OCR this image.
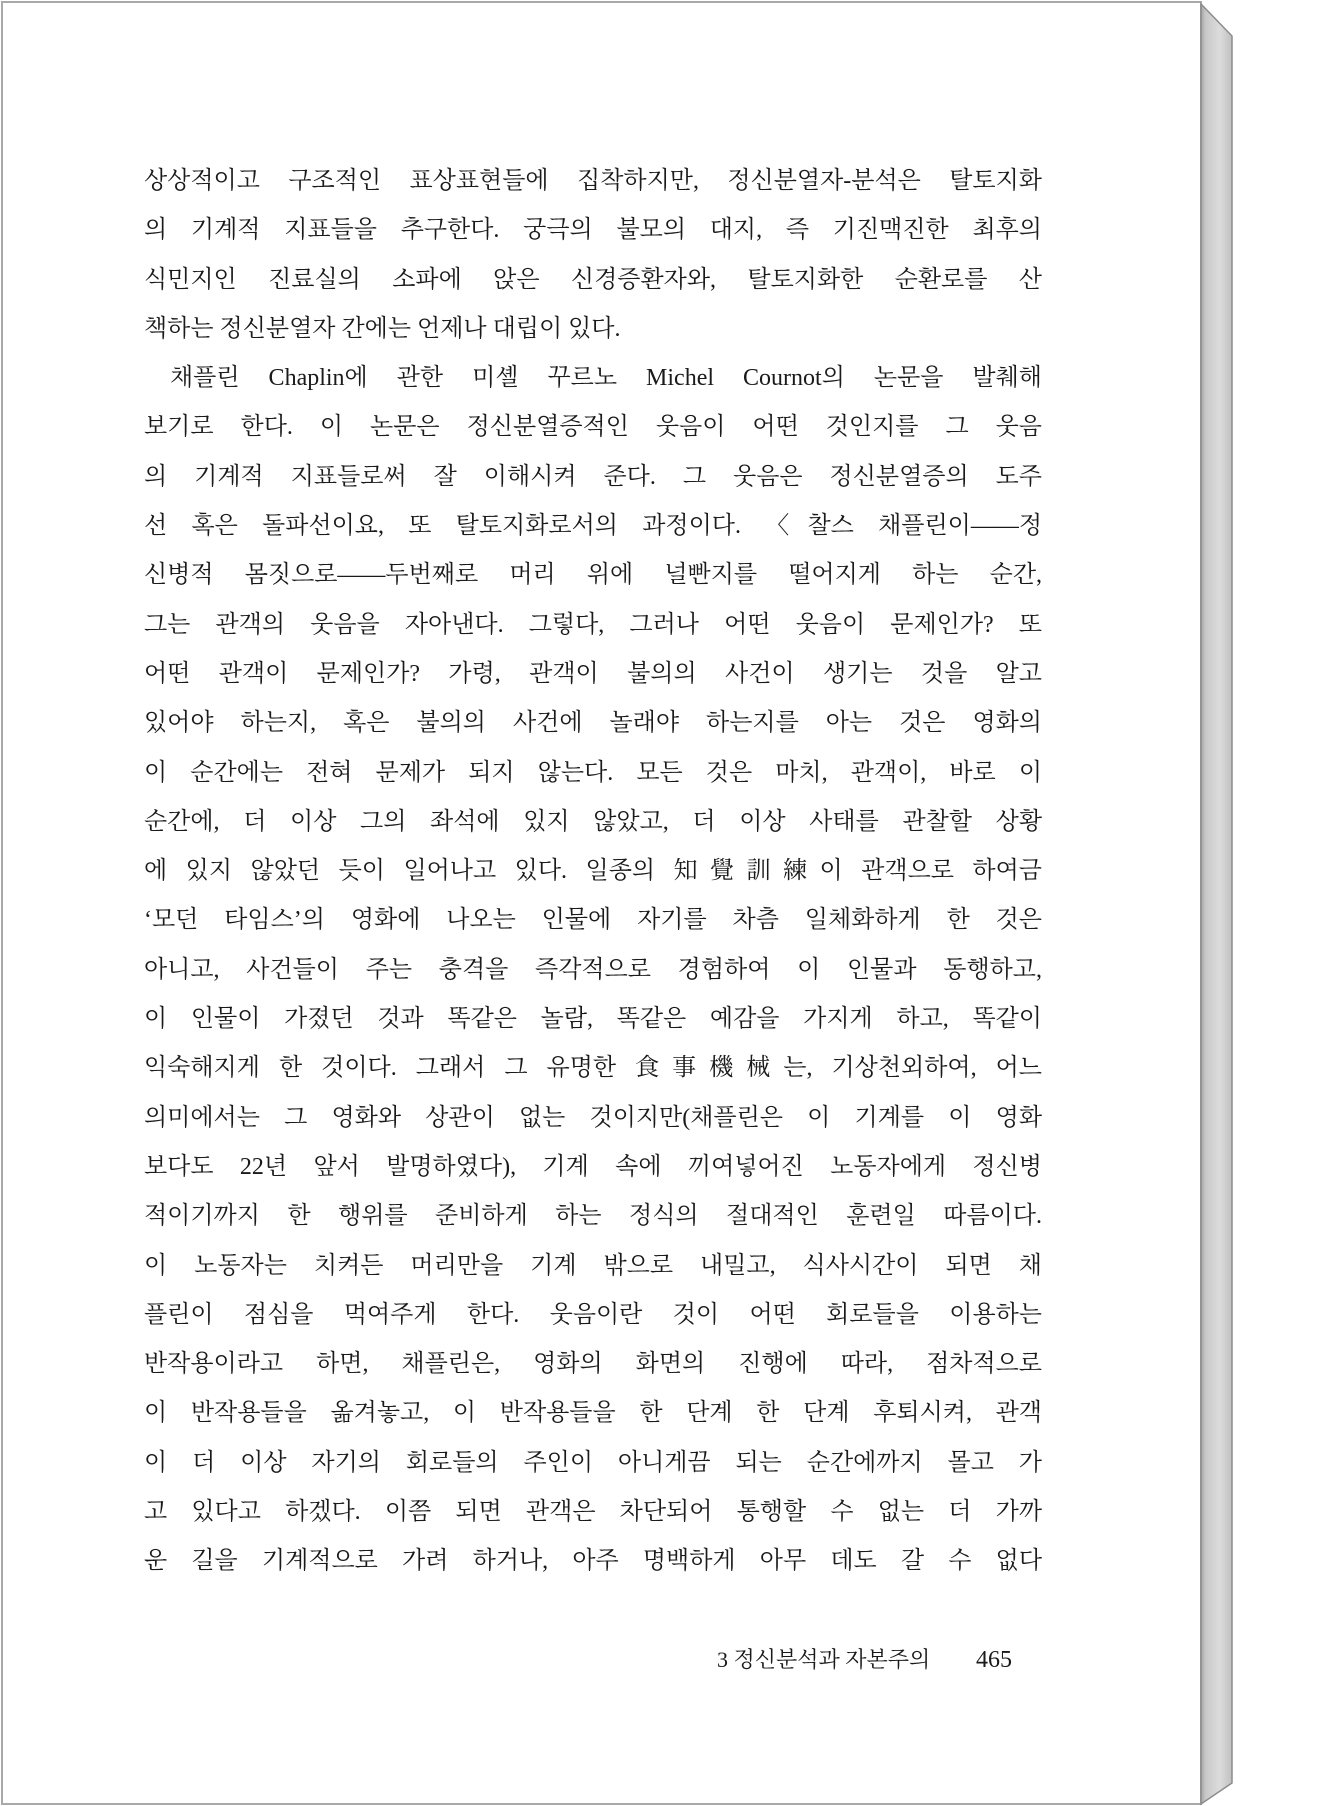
상상적이고 구조적인 표상표현들에 집착하지만, 정신분열자-분석은 탈토지화
의 기계적 지표들을 추구한다. 궁극의 불모의 대지, 즉 기진맥진한 최후의
식민지인 진료실의 소파에 앉은 신경증환자와, 탈토지화한 순환로를 산
책하는 정신분열자 간에는 언제나 대립이 있다.
채플린 Chaplin에 관한 미셸 꾸르노 Michel Cournot의 논문을 발췌해
보기로 한다. 이 논문은 정신분열증적인 웃음이 어떤 것인지를 그 웃음
의 기계적 지표들로써 잘 이해시켜 준다. 그 웃음은 정신분열증의 도주
선 혹은 돌파선이요, 또 탈토지화로서의 과정이다. 〈찰스 채플린이――정
신병적 몸짓으로――두번째로 머리 위에 널빤지를 떨어지게 하는 순간,
그는 관객의 웃음을 자아낸다. 그렇다, 그러나 어떤 웃음이 문제인가? 또
어떤 관객이 문제인가? 가령, 관객이 불의의 사건이 생기는 것을 알고
있어야 하는지, 혹은 불의의 사건에 놀래야 하는지를 아는 것은 영화의
이 순간에는 전혀 문제가 되지 않는다. 모든 것은 마치, 관객이, 바로 이
순간에, 더 이상 그의 좌석에 있지 않았고, 더 이상 사태를 관찰할 상황
에 있지 않았던 듯이 일어나고 있다. 일종의 知覺訓練이 관객으로 하여금
‘모던 타임스’의 영화에 나오는 인물에 자기를 차츰 일체화하게 한 것은
아니고, 사건들이 주는 충격을 즉각적으로 경험하여 이 인물과 동행하고,
이 인물이 가졌던 것과 똑같은 놀람, 똑같은 예감을 가지게 하고, 똑같이
익숙해지게 한 것이다. 그래서 그 유명한 食事機械는, 기상천외하여, 어느
의미에서는 그 영화와 상관이 없는 것이지만(채플린은 이 기계를 이 영화
보다도 22년 앞서 발명하였다), 기계 속에 끼여넣어진 노동자에게 정신병
적이기까지 한 행위를 준비하게 하는 정식의 절대적인 훈련일 따름이다.
이 노동자는 치켜든 머리만을 기계 밖으로 내밀고, 식사시간이 되면 채
플린이 점심을 먹여주게 한다. 웃음이란 것이 어떤 회로들을 이용하는
반작용이라고 하면, 채플린은, 영화의 화면의 진행에 따라, 점차적으로
이 반작용들을 옮겨놓고, 이 반작용들을 한 단계 한 단계 후퇴시켜, 관객
이 더 이상 자기의 회로들의 주인이 아니게끔 되는 순간에까지 몰고 가
고 있다고 하겠다. 이쯤 되면 관객은 차단되어 통행할 수 없는 더 가까
운 길을 기계적으로 가려 하거나, 아주 명백하게 아무 데도 갈 수 없다
3 정신분석과 자본주의 465
